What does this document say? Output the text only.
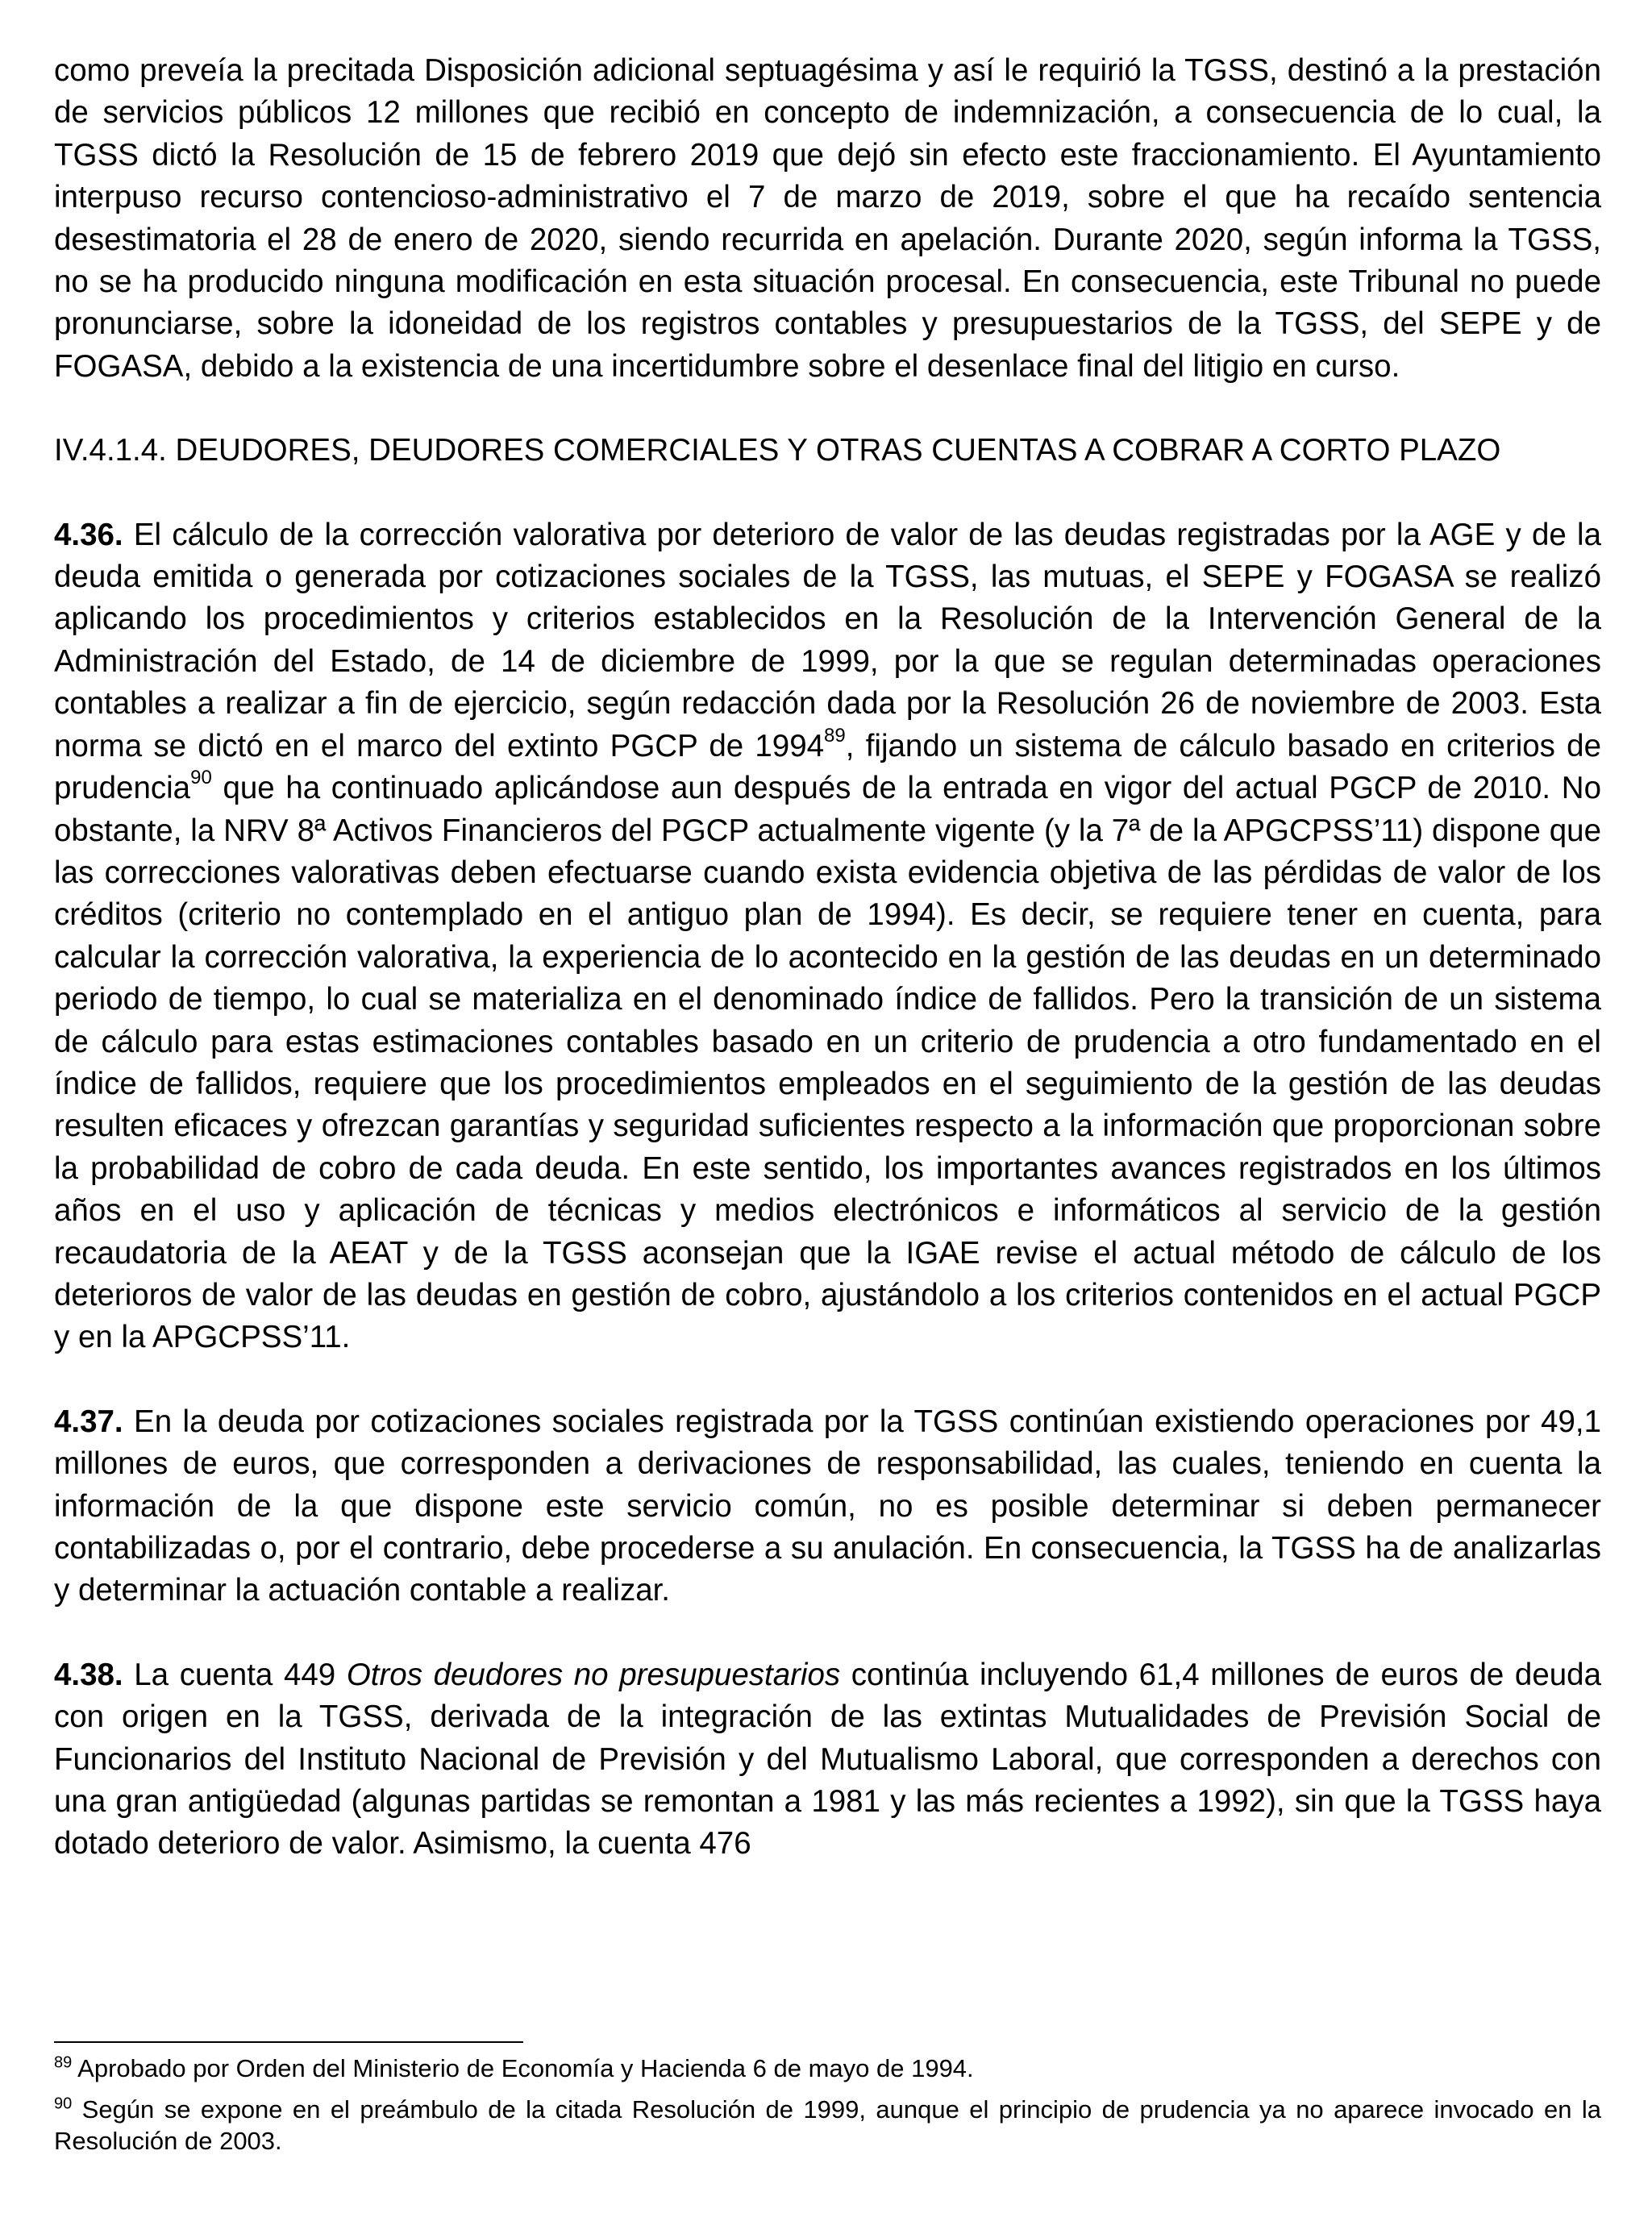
como preveía la precitada Disposición adicional septuagésima y así le requirió la TGSS, destinó a la prestación de servicios públicos 12 millones que recibió en concepto de indemnización, a consecuencia de lo cual, la TGSS dictó la Resolución de 15 de febrero 2019 que dejó sin efecto este fraccionamiento. El Ayuntamiento interpuso recurso contencioso-administrativo el 7 de marzo de 2019, sobre el que ha recaído sentencia desestimatoria el 28 de enero de 2020, siendo recurrida en apelación. Durante 2020, según informa la TGSS, no se ha producido ninguna modificación en esta situación procesal. En consecuencia, este Tribunal no puede pronunciarse, sobre la idoneidad de los registros contables y presupuestarios de la TGSS, del SEPE y de FOGASA, debido a la existencia de una incertidumbre sobre el desenlace final del litigio en curso.

IV.4.1.4. DEUDORES, DEUDORES COMERCIALES Y OTRAS CUENTAS A COBRAR A CORTO PLAZO

4.36. El cálculo de la corrección valorativa por deterioro de valor de las deudas registradas por la AGE y de la deuda emitida o generada por cotizaciones sociales de la TGSS, las mutuas, el SEPE y FOGASA se realizó aplicando los procedimientos y criterios establecidos en la Resolución de la Intervención General de la Administración del Estado, de 14 de diciembre de 1999, por la que se regulan determinadas operaciones contables a realizar a fin de ejercicio, según redacción dada por la Resolución 26 de noviembre de 2003. Esta norma se dictó en el marco del extinto PGCP de 1994$^{89}$, fijando un sistema de cálculo basado en criterios de prudencia$^{90}$ que ha continuado aplicándose aun después de la entrada en vigor del actual PGCP de 2010. No obstante, la NRV 8ª Activos Financieros del PGCP actualmente vigente (y la 7ª de la APGCPSS’11) dispone que las correcciones valorativas deben efectuarse cuando exista evidencia objetiva de las pérdidas de valor de los créditos (criterio no contemplado en el antiguo plan de 1994). Es decir, se requiere tener en cuenta, para calcular la corrección valorativa, la experiencia de lo acontecido en la gestión de las deudas en un determinado periodo de tiempo, lo cual se materializa en el denominado índice de fallidos. Pero la transición de un sistema de cálculo para estas estimaciones contables basado en un criterio de prudencia a otro fundamentado en el índice de fallidos, requiere que los procedimientos empleados en el seguimiento de la gestión de las deudas resulten eficaces y ofrezcan garantías y seguridad suficientes respecto a la información que proporcionan sobre la probabilidad de cobro de cada deuda. En este sentido, los importantes avances registrados en los últimos años en el uso y aplicación de técnicas y medios electrónicos e informáticos al servicio de la gestión recaudatoria de la AEAT y de la TGSS aconsejan que la IGAE revise el actual método de cálculo de los deterioros de valor de las deudas en gestión de cobro, ajustándolo a los criterios contenidos en el actual PGCP y en la APGCPSS’11.

4.37. En la deuda por cotizaciones sociales registrada por la TGSS continúan existiendo operaciones por 49,1 millones de euros, que corresponden a derivaciones de responsabilidad, las cuales, teniendo en cuenta la información de la que dispone este servicio común, no es posible determinar si deben permanecer contabilizadas o, por el contrario, debe procederse a su anulación. En consecuencia, la TGSS ha de analizarlas y determinar la actuación contable a realizar.

4.38. La cuenta 449 Otros deudores no presupuestarios continúa incluyendo 61,4 millones de euros de deuda con origen en la TGSS, derivada de la integración de las extintas Mutualidades de Previsión Social de Funcionarios del Instituto Nacional de Previsión y del Mutualismo Laboral, que corresponden a derechos con una gran antigüedad (algunas partidas se remontan a 1981 y las más recientes a 1992), sin que la TGSS haya dotado deterioro de valor. Asimismo, la cuenta 476

$^{89}$ Aprobado por Orden del Ministerio de Economía y Hacienda 6 de mayo de 1994.

$^{90}$ Según se expone en el preámbulo de la citada Resolución de 1999, aunque el principio de prudencia ya no aparece invocado en la Resolución de 2003.
